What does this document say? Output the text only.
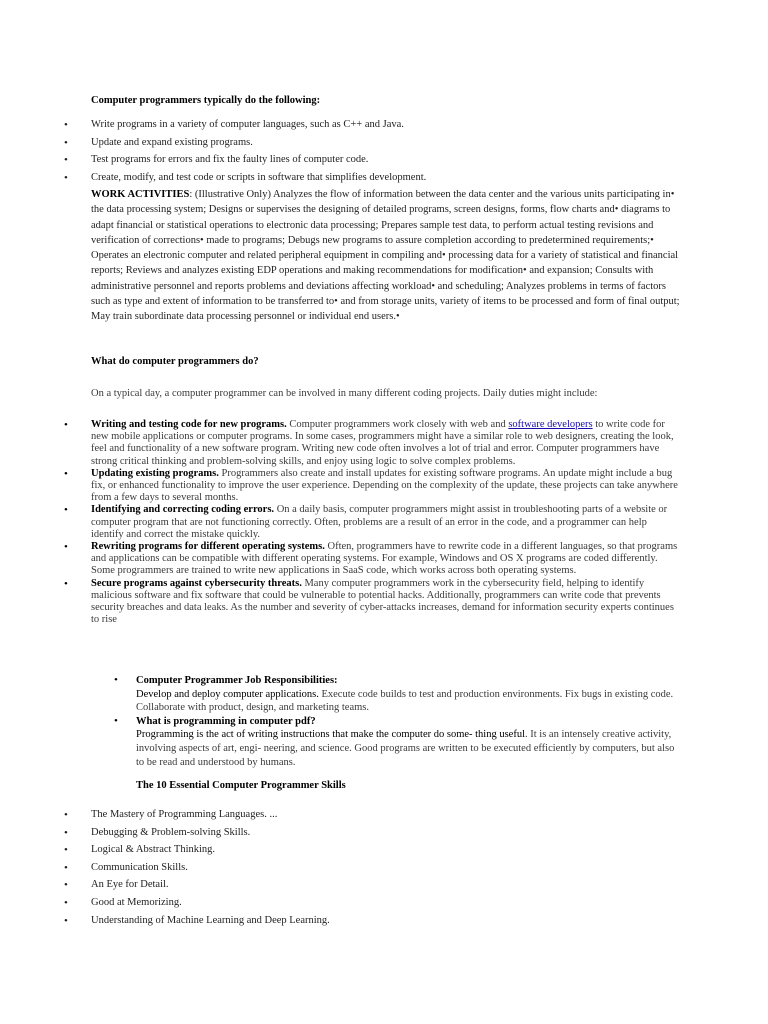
Computer programmers typically do the following:
• Write programs in a variety of computer languages, such as C++ and Java.
• Update and expand existing programs.
• Test programs for errors and fix the faulty lines of computer code.
• Create, modify, and test code or scripts in software that simplifies development.
WORK ACTIVITIES: (Illustrative Only) Analyzes the flow of information between the data center and the various units participating in• the data processing system; Designs or supervises the designing of detailed programs, screen designs, forms, flow charts and• diagrams to adapt financial or statistical operations to electronic data processing; Prepares sample test data, to perform actual testing revisions and verification of corrections• made to programs; Debugs new programs to assure completion according to predetermined requirements;• Operates an electronic computer and related peripheral equipment in compiling and• processing data for a variety of statistical and financial reports; Reviews and analyzes existing EDP operations and making recommendations for modification• and expansion; Consults with administrative personnel and reports problems and deviations affecting workload• and scheduling; Analyzes problems in terms of factors such as type and extent of information to be transferred to• and from storage units, variety of items to be processed and form of final output; May train subordinate data processing personnel or individual end users.•
What do computer programmers do?
On a typical day, a computer programmer can be involved in many different coding projects. Daily duties might include:
• Writing and testing code for new programs. Computer programmers work closely with web and software developers to write code for new mobile applications or computer programs. In some cases, programmers might have a similar role to web designers, creating the look, feel and functionality of a new software program. Writing new code often involves a lot of trial and error. Computer programmers have strong critical thinking and problem-solving skills, and enjoy using logic to solve complex problems.
• Updating existing programs. Programmers also create and install updates for existing software programs. An update might include a bug fix, or enhanced functionality to improve the user experience. Depending on the complexity of the update, these projects can take anywhere from a few days to several months.
• Identifying and correcting coding errors. On a daily basis, computer programmers might assist in troubleshooting parts of a website or computer program that are not functioning correctly. Often, problems are a result of an error in the code, and a programmer can help identify and correct the mistake quickly.
• Rewriting programs for different operating systems. Often, programmers have to rewrite code in a different languages, so that programs and applications can be compatible with different operating systems. For example, Windows and OS X programs are coded differently. Some programmers are trained to write new applications in SaaS code, which works across both operating systems.
• Secure programs against cybersecurity threats. Many computer programmers work in the cybersecurity field, helping to identify malicious software and fix software that could be vulnerable to potential hacks. Additionally, programmers can write code that prevents security breaches and data leaks. As the number and severity of cyber-attacks increases, demand for information security experts continues to rise
• Computer Programmer Job Responsibilities:
Develop and deploy computer applications. Execute code builds to test and production environments. Fix bugs in existing code. Collaborate with product, design, and marketing teams.
• What is programming in computer pdf?
Programming is the act of writing instructions that make the computer do some- thing useful. It is an intensely creative activity, involving aspects of art, engi- neering, and science. Good programs are written to be executed efficiently by computers, but also to be read and understood by humans.
The 10 Essential Computer Programmer Skills
• The Mastery of Programming Languages. ...
• Debugging & Problem-solving Skills.
• Logical & Abstract Thinking.
• Communication Skills.
• An Eye for Detail.
• Good at Memorizing.
• Understanding of Machine Learning and Deep Learning.
